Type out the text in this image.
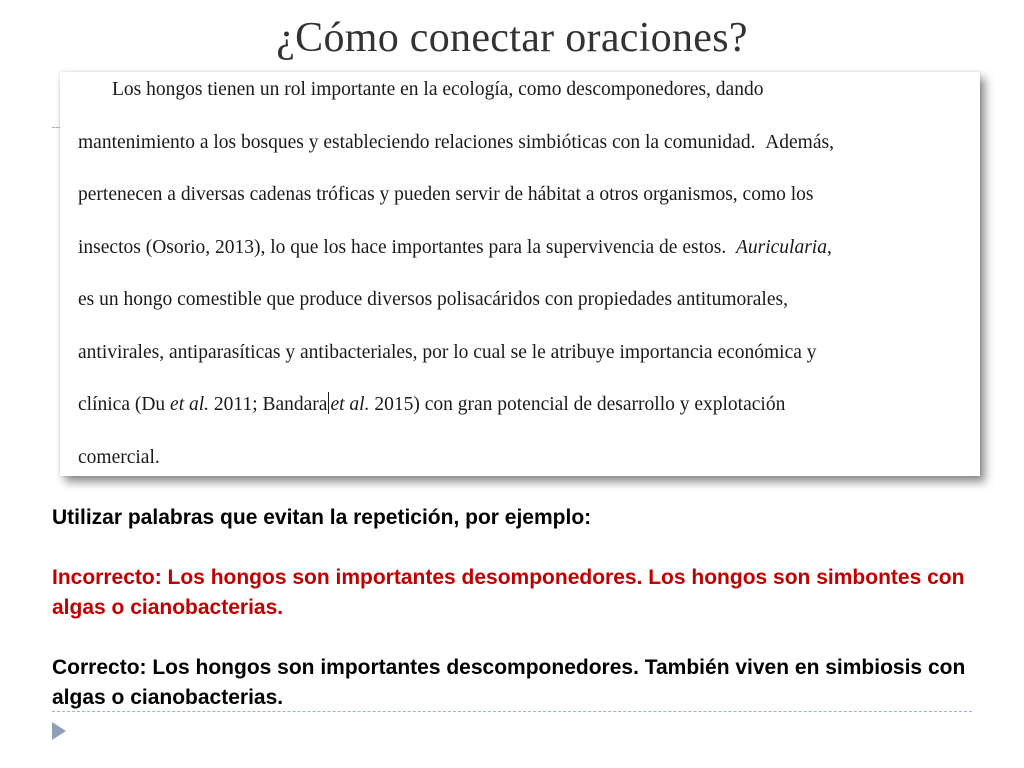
¿Cómo conectar oraciones?
Los hongos tienen un rol importante en la ecología, como descomponedores, dando
mantenimiento a los bosques y estableciendo relaciones simbióticas con la comunidad.  Además,
pertenecen a diversas cadenas tróficas y pueden servir de hábitat a otros organismos, como los
insectos (Osorio, 2013), lo que los hace importantes para la supervivencia de estos.  Auricularia,
es un hongo comestible que produce diversos polisacáridos con propiedades antitumorales,
antivirales, antiparasíticas y antibacteriales, por lo cual se le atribuye importancia económica y
clínica (Du et al. 2011; Bandara et al. 2015) con gran potencial de desarrollo y explotación
comercial.

Utilizar palabras que evitan la repetición, por ejemplo:

Incorrecto: Los hongos son importantes desomponedores. Los hongos son simbontes con algas o cianobacterias.

Correcto: Los hongos son importantes descomponedores. También viven en simbiosis con algas o cianobacterias.
